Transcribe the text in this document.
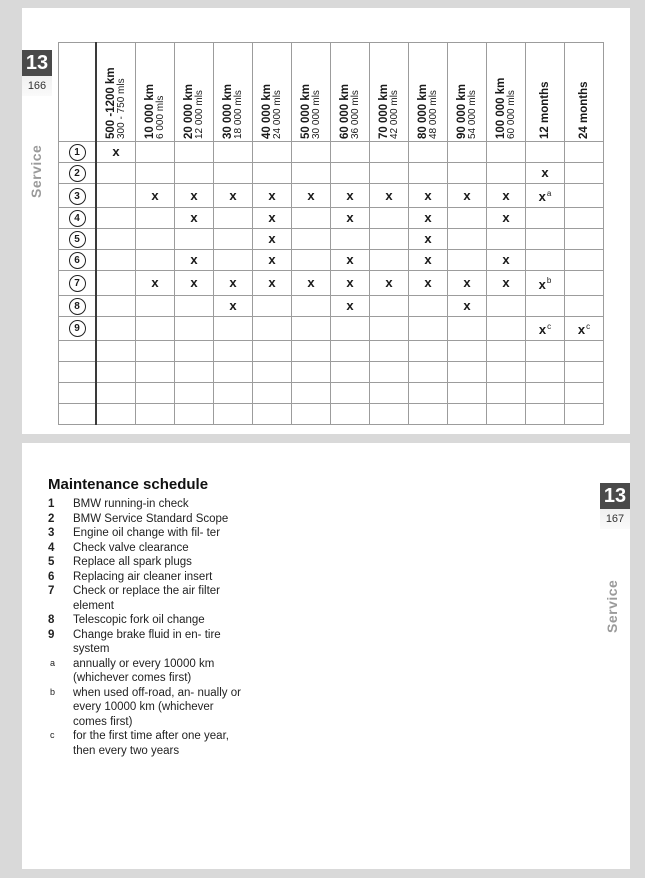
13
166
Service

	500 -1200 km 300 - 750 mls	10 000 km 6 000 mls	20 000 km 12 000 mls	30 000 km 18 000 mls	40 000 km 24 000 mls	50 000 km 30 000 mls	60 000 km 36 000 mls	70 000 km 42 000 mls	80 000 km 48 000 mls	90 000 km 54 000 mls	100 000 km 60 000 mls	12 months	24 months

1	x												
2												x	
3		x	x	x	x	x	x	x	x	x	x	$x^a$	
4			x		x		x		x		x		
5					x				x				
6			x		x		x		x		x		
7		x	x	x	x	x	x	x	x	x	x	$x^b$	
8				x			x			x			
9												$x^c$	$x^c$

13
167
Service
Maintenance schedule
1	BMW running-in check
2	BMW Service Standard Scope
3	Engine oil change with fil- ter
4	Check valve clearance
5	Replace all spark plugs
6	Replacing air cleaner insert
7	Check or replace the air filter element
8	Telescopic fork oil change
9	Change brake fluid in en- tire system
a	annually or every 10000 km (whichever comes first)
b	when used off-road, an- nually or every 10000 km (whichever comes first)
c	for the first time after one year, then every two years
